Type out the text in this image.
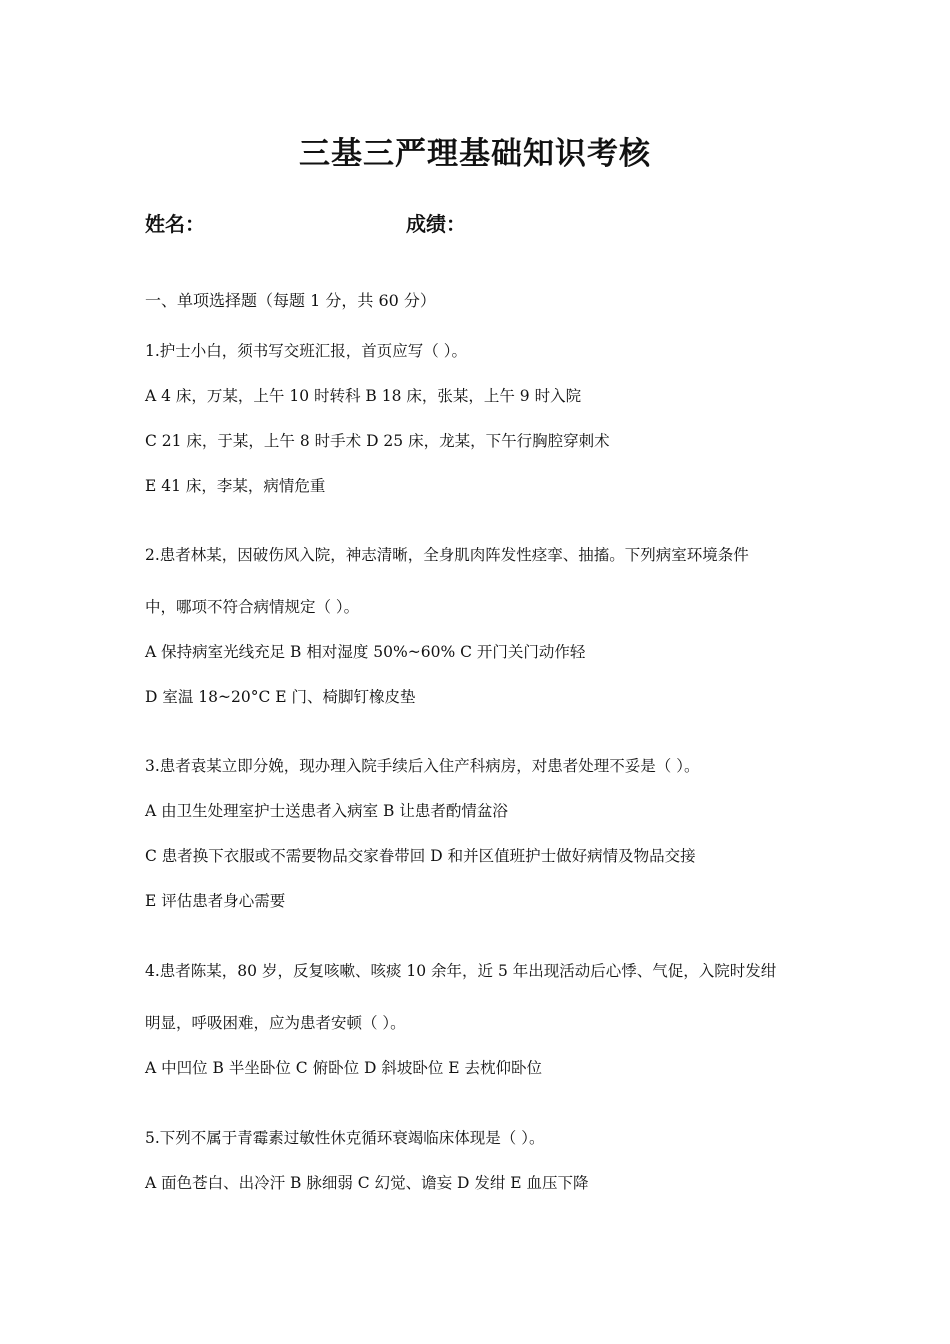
三基三严理基础知识考核
姓名：	成绩：
一、单项选择题（每题 1 分，共 60 分）
1.护士小白，须书写交班汇报，首页应写（ ）。
A 4 床，万某，上午 10 时转科 B 18 床，张某，上午 9 时入院
C 21 床，于某，上午 8 时手术 D 25 床，龙某，下午行胸腔穿刺术
E 41 床，李某，病情危重
2.患者林某，因破伤风入院，神志清晰，全身肌肉阵发性痉挛、抽搐。下列病室环境条件
中，哪项不符合病情规定（ ）。
A 保持病室光线充足 B 相对湿度 50%~60% C 开门关门动作轻
D 室温 18~20°C E 门、椅脚钉橡皮垫
3.患者袁某立即分娩，现办理入院手续后入住产科病房，对患者处理不妥是（ ）。
A 由卫生处理室护士送患者入病室 B 让患者酌情盆浴
C 患者换下衣服或不需要物品交家眷带回 D 和并区值班护士做好病情及物品交接
E 评估患者身心需要
4.患者陈某，80 岁，反复咳嗽、咳痰 10 余年，近 5 年出现活动后心悸、气促，入院时发绀
明显，呼吸困难，应为患者安顿（ ）。
A 中凹位 B 半坐卧位 C 俯卧位 D 斜坡卧位 E 去枕仰卧位
5.下列不属于青霉素过敏性休克循环衰竭临床体现是（ ）。
A 面色苍白、出冷汗 B 脉细弱 C 幻觉、谵妄 D 发绀 E 血压下降
